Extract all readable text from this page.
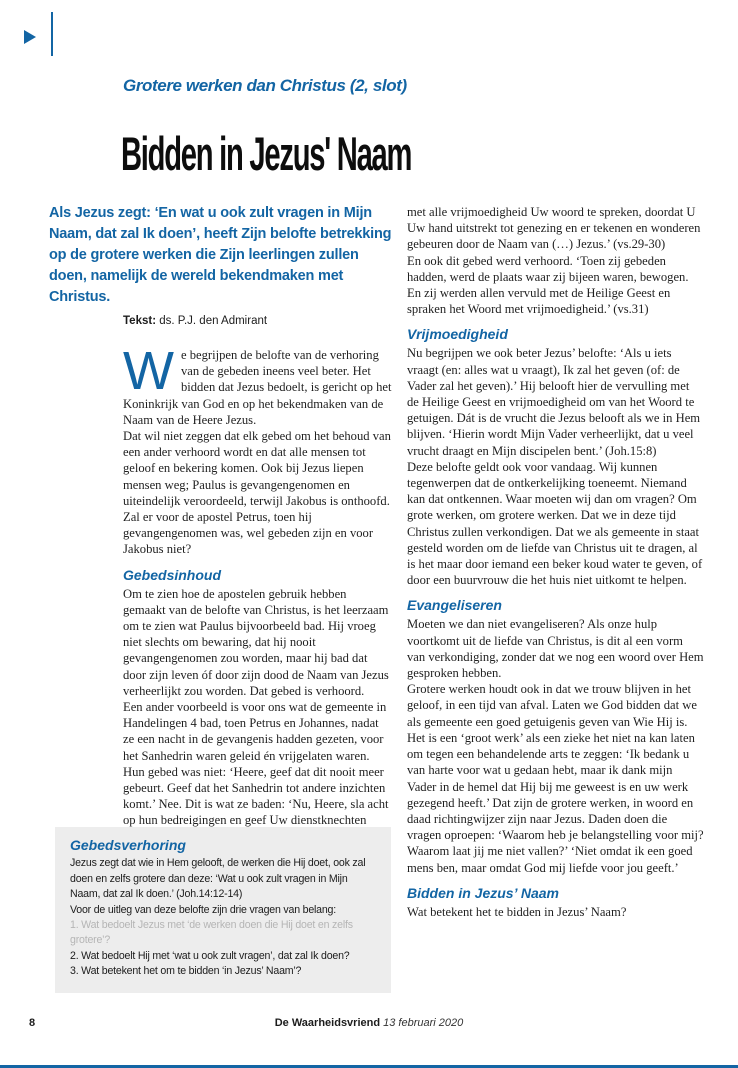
Grotere werken dan Christus (2, slot)
Bidden in Jezus' Naam
Als Jezus zegt: ‘En wat u ook zult vragen in Mijn Naam, dat zal Ik doen’, heeft Zijn belofte betrekking op de grotere werken die Zijn leerlingen zullen doen, namelijk de wereld bekendmaken met Christus.
Tekst: ds. P.J. den Admirant

We begrijpen de belofte van de verhoring van de gebeden ineens veel beter. Het bidden dat Jezus bedoelt, is gericht op het Koninkrijk van God en op het bekendmaken van de Naam van de Heere Jezus.

Dat wil niet zeggen dat elk gebed om het behoud van een ander verhoord wordt en dat alle mensen tot geloof en bekering komen. Ook bij Jezus liepen mensen weg; Paulus is gevangengenomen en uiteindelijk veroordeeld, terwijl Jakobus is onthoofd. Zal er voor de apostel Petrus, toen hij gevangengenomen was, wel gebeden zijn en voor Jakobus niet?

Gebedsinhoud

Om te zien hoe de apostelen gebruik hebben gemaakt van de belofte van Christus, is het leerzaam om te zien wat Paulus bijvoorbeeld bad. Hij vroeg niet slechts om bewaring, dat hij nooit gevangengenomen zou worden, maar hij bad dat door zijn leven óf door zijn dood de Naam van Jezus verheerlijkt zou worden. Dat gebed is verhoord.

Een ander voorbeeld is voor ons wat de gemeente in Handelingen 4 bad, toen Petrus en Johannes, nadat ze een nacht in de gevangenis hadden gezeten, voor het Sanhedrin waren geleid én vrijgelaten waren. Hun gebed was niet: ‘Heere, geef dat dit nooit meer gebeurt. Geef dat het Sanhedrin tot andere inzichten komt.’ Nee. Dit is wat ze baden: ‘Nu, Heere, sla acht op hun bedreigingen en geef Uw dienstknechten

Gebedsverhoring

Jezus zegt dat wie in Hem gelooft, de werken die Hij doet, ook zal doen en zelfs grotere dan deze: ‘Wat u ook zult vragen in Mijn Naam, dat zal Ik doen.’ (Joh.14:12-14)

Voor de uitleg van deze belofte zijn drie vragen van belang:

1. Wat bedoelt Jezus met ‘de werken doen die Hij doet en zelfs grotere’?

2. Wat bedoelt Hij met ‘wat u ook zult vragen’, dat zal Ik doen?

3. Wat betekent het om te bidden ‘in Jezus’ Naam’?

met alle vrijmoedigheid Uw woord te spreken, doordat U Uw hand uitstrekt tot genezing en er tekenen en wonderen gebeuren door de Naam van (…) Jezus.’ (vs.29-30)

En ook dit gebed werd verhoord. ‘Toen zij gebeden hadden, werd de plaats waar zij bijeen waren, bewogen. En zij werden allen vervuld met de Heilige Geest en spraken het Woord met vrijmoedigheid.’ (vs.31)

Vrijmoedigheid

Nu begrijpen we ook beter Jezus’ belofte: ‘Als u iets vraagt (en: alles wat u vraagt), Ik zal het geven (of: de Vader zal het geven).’ Hij belooft hier de vervulling met de Heilige Geest en vrijmoedigheid om van het Woord te getuigen. Dát is de vrucht die Jezus belooft als we in Hem blijven. ‘Hierin wordt Mijn Vader verheerlijkt, dat u veel vrucht draagt en Mijn discipelen bent.’ (Joh.15:8)

Deze belofte geldt ook voor vandaag. Wij kunnen tegenwerpen dat de ontkerkelijking toeneemt. Niemand kan dat ontkennen. Waar moeten wij dan om vragen? Om grote werken, om grotere werken. Dat we in deze tijd Christus zullen verkondigen. Dat we als gemeente in staat gesteld worden om de liefde van Christus uit te dragen, al is het maar door iemand een beker koud water te geven, of door een buurvrouw die het huis niet uitkomt te helpen.

Evangeliseren

Moeten we dan niet evangeliseren? Als onze hulp voortkomt uit de liefde van Christus, is dit al een vorm van verkondiging, zonder dat we nog een woord over Hem gesproken hebben.

Grotere werken houdt ook in dat we trouw blijven in het geloof, in een tijd van afval. Laten we God bidden dat we als gemeente een goed getuigenis geven van Wie Hij is. Het is een ‘groot werk’ als een zieke het niet na kan laten om tegen een behandelende arts te zeggen: ‘Ik bedank u van harte voor wat u gedaan hebt, maar ik dank mijn Vader in de hemel dat Hij bij me geweest is en uw werk gezegend heeft.’ Dat zijn de grotere werken, in woord en daad richtingwijzer zijn naar Jezus. Daden doen die vragen oproepen: ‘Waarom heb je belangstelling voor mij? Waarom laat jij me niet vallen?’ ‘Niet omdat ik een goed mens ben, maar omdat God mij liefde voor jou geeft.’

Bidden in Jezus’ Naam

Wat betekent het te bidden in Jezus’ Naam?

8	De Waarheidsvriend 13 februari 2020
